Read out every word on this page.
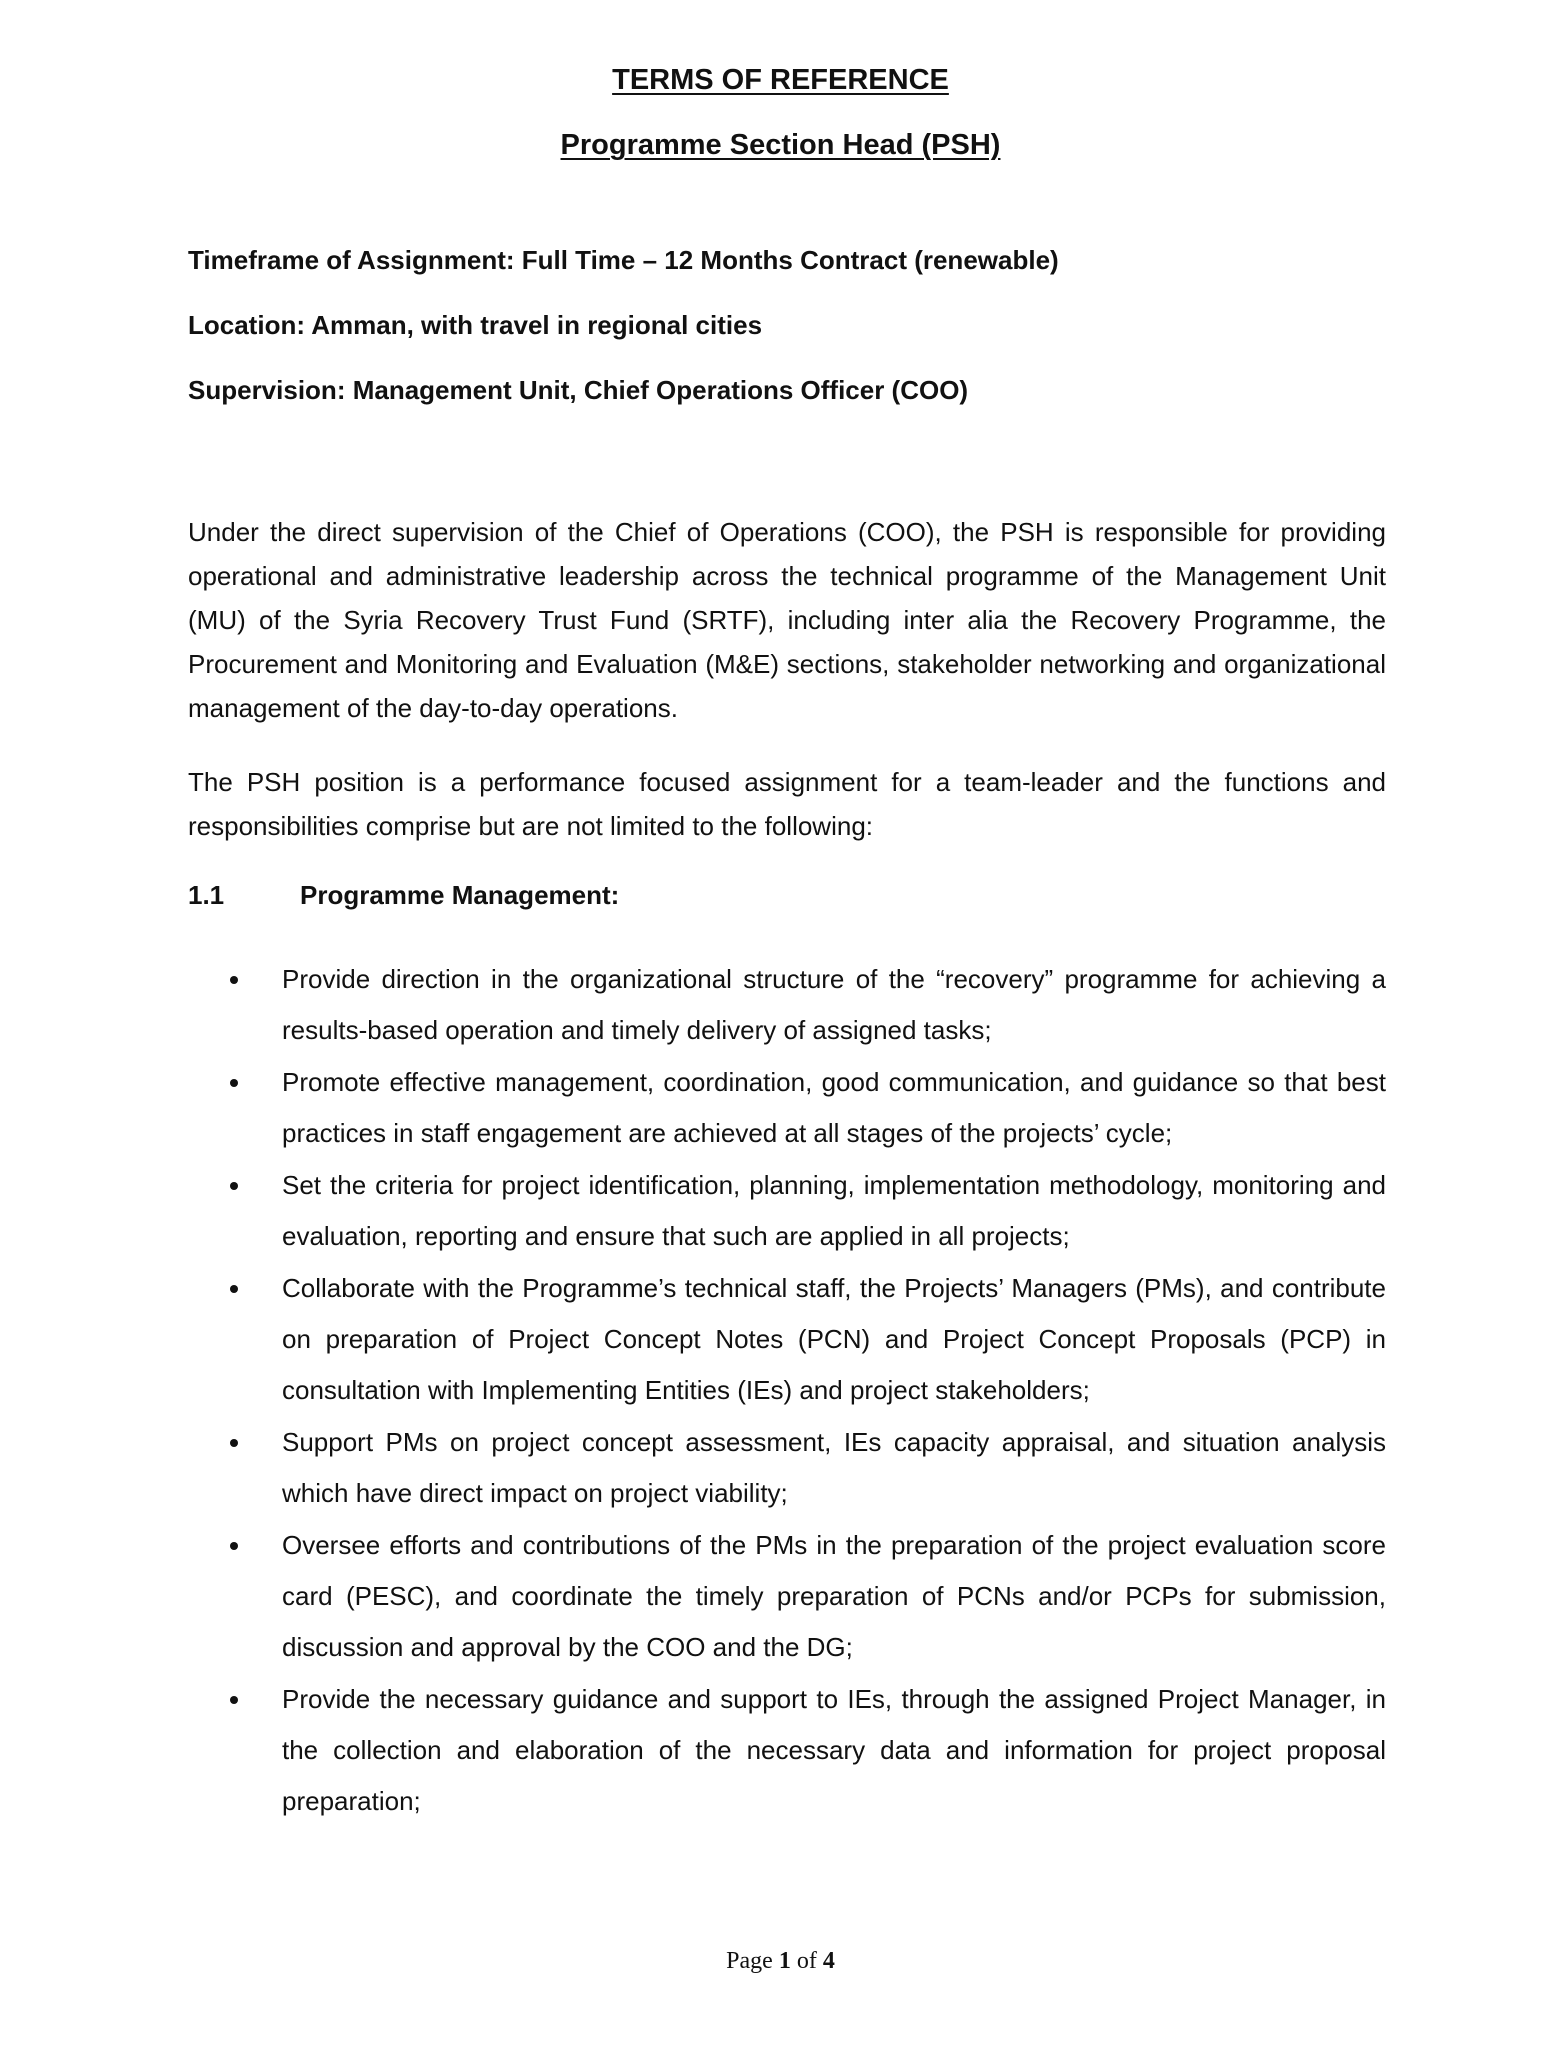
TERMS OF REFERENCE
Programme Section Head (PSH)
Timeframe of Assignment: Full Time – 12 Months Contract (renewable)
Location: Amman, with travel in regional cities
Supervision: Management Unit, Chief Operations Officer (COO)

Under the direct supervision of the Chief of Operations (COO), the PSH is responsible for providing operational and administrative leadership across the technical programme of the Management Unit (MU) of the Syria Recovery Trust Fund (SRTF), including inter alia the Recovery Programme, the Procurement and Monitoring and Evaluation (M&E) sections, stakeholder networking and organizational management of the day-to-day operations.

The PSH position is a performance focused assignment for a team-leader and the functions and responsibilities comprise but are not limited to the following:

1.1	Programme Management:
Provide direction in the organizational structure of the “recovery” programme for achieving a results-based operation and timely delivery of assigned tasks;
Promote effective management, coordination, good communication, and guidance so that best practices in staff engagement are achieved at all stages of the projects’ cycle;
Set the criteria for project identification, planning, implementation methodology, monitoring and evaluation, reporting and ensure that such are applied in all projects;
Collaborate with the Programme’s technical staff, the Projects’ Managers (PMs), and contribute on preparation of Project Concept Notes (PCN) and Project Concept Proposals (PCP) in consultation with Implementing Entities (IEs) and project stakeholders;
Support PMs on project concept assessment, IEs capacity appraisal, and situation analysis which have direct impact on project viability;
Oversee efforts and contributions of the PMs in the preparation of the project evaluation score card (PESC), and coordinate the timely preparation of PCNs and/or PCPs for submission, discussion and approval by the COO and the DG;
Provide the necessary guidance and support to IEs, through the assigned Project Manager, in the collection and elaboration of the necessary data and information for project proposal preparation;
Page 1 of 4
